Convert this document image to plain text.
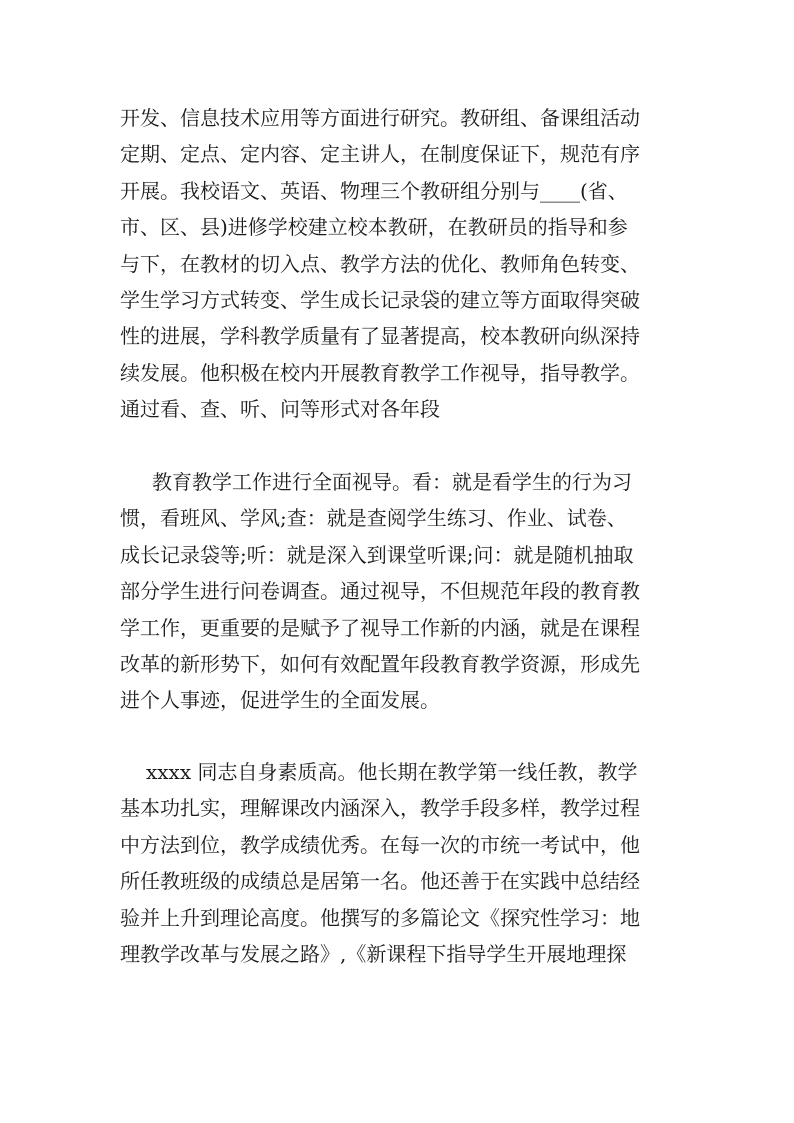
开发、信息技术应用等方面进行研究。教研组、备课组活动
定期、定点、定内容、定主讲人，在制度保证下，规范有序
开展。我校语文、英语、物理三个教研组分别与____(省、
市、区、县)进修学校建立校本教研，在教研员的指导和参
与下，在教材的切入点、教学方法的优化、教师角色转变、
学生学习方式转变、学生成长记录袋的建立等方面取得突破
性的进展，学科教学质量有了显著提高，校本教研向纵深持
续发展。他积极在校内开展教育教学工作视导，指导教学。
通过看、查、听、问等形式对各年段
教育教学工作进行全面视导。看：就是看学生的行为习
惯，看班风、学风;查：就是查阅学生练习、作业、试卷、
成长记录袋等;听：就是深入到课堂听课;问：就是随机抽取
部分学生进行问卷调查。通过视导，不但规范年段的教育教
学工作，更重要的是赋予了视导工作新的内涵，就是在课程
改革的新形势下，如何有效配置年段教育教学资源，形成先
进个人事迹，促进学生的全面发展。
xxxx 同志自身素质高。他长期在教学第一线任教，教学
基本功扎实，理解课改内涵深入，教学手段多样，教学过程
中方法到位，教学成绩优秀。在每一次的市统一考试中，他
所任教班级的成绩总是居第一名。他还善于在实践中总结经
验并上升到理论高度。他撰写的多篇论文《探究性学习：地
理教学改革与发展之路》,《新课程下指导学生开展地理探
